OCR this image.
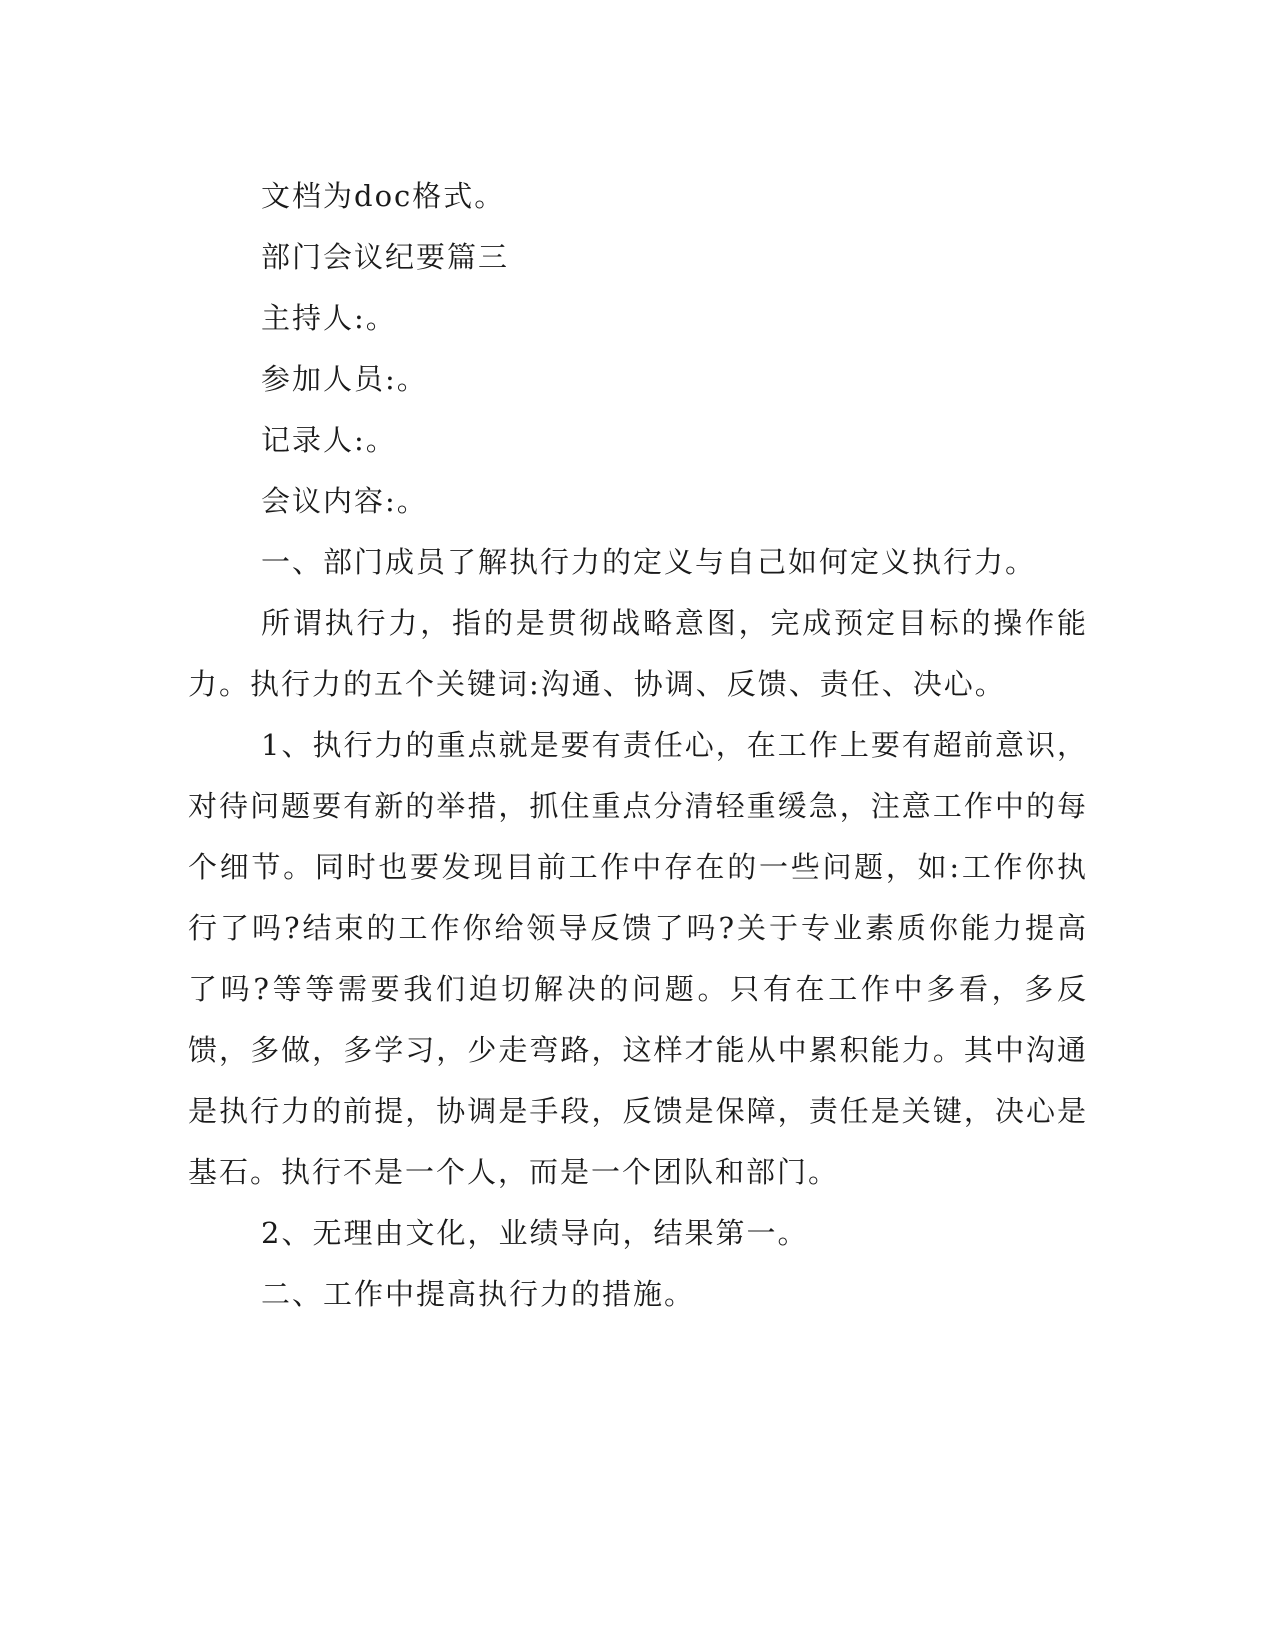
文档为doc格式。

部门会议纪要篇三

主持人:。

参加人员:。

记录人:。

会议内容:。

一、部门成员了解执行力的定义与自己如何定义执行力。

所谓执行力，指的是贯彻战略意图，完成预定目标的操作能力。执行力的五个关键词:沟通、协调、反馈、责任、决心。

1、执行力的重点就是要有责任心，在工作上要有超前意识，对待问题要有新的举措，抓住重点分清轻重缓急，注意工作中的每个细节。同时也要发现目前工作中存在的一些问题，如:工作你执行了吗?结束的工作你给领导反馈了吗?关于专业素质你能力提高了吗?等等需要我们迫切解决的问题。只有在工作中多看，多反馈，多做，多学习，少走弯路，这样才能从中累积能力。其中沟通是执行力的前提，协调是手段，反馈是保障，责任是关键，决心是基石。执行不是一个人，而是一个团队和部门。

2、无理由文化，业绩导向，结果第一。

二、工作中提高执行力的措施。
